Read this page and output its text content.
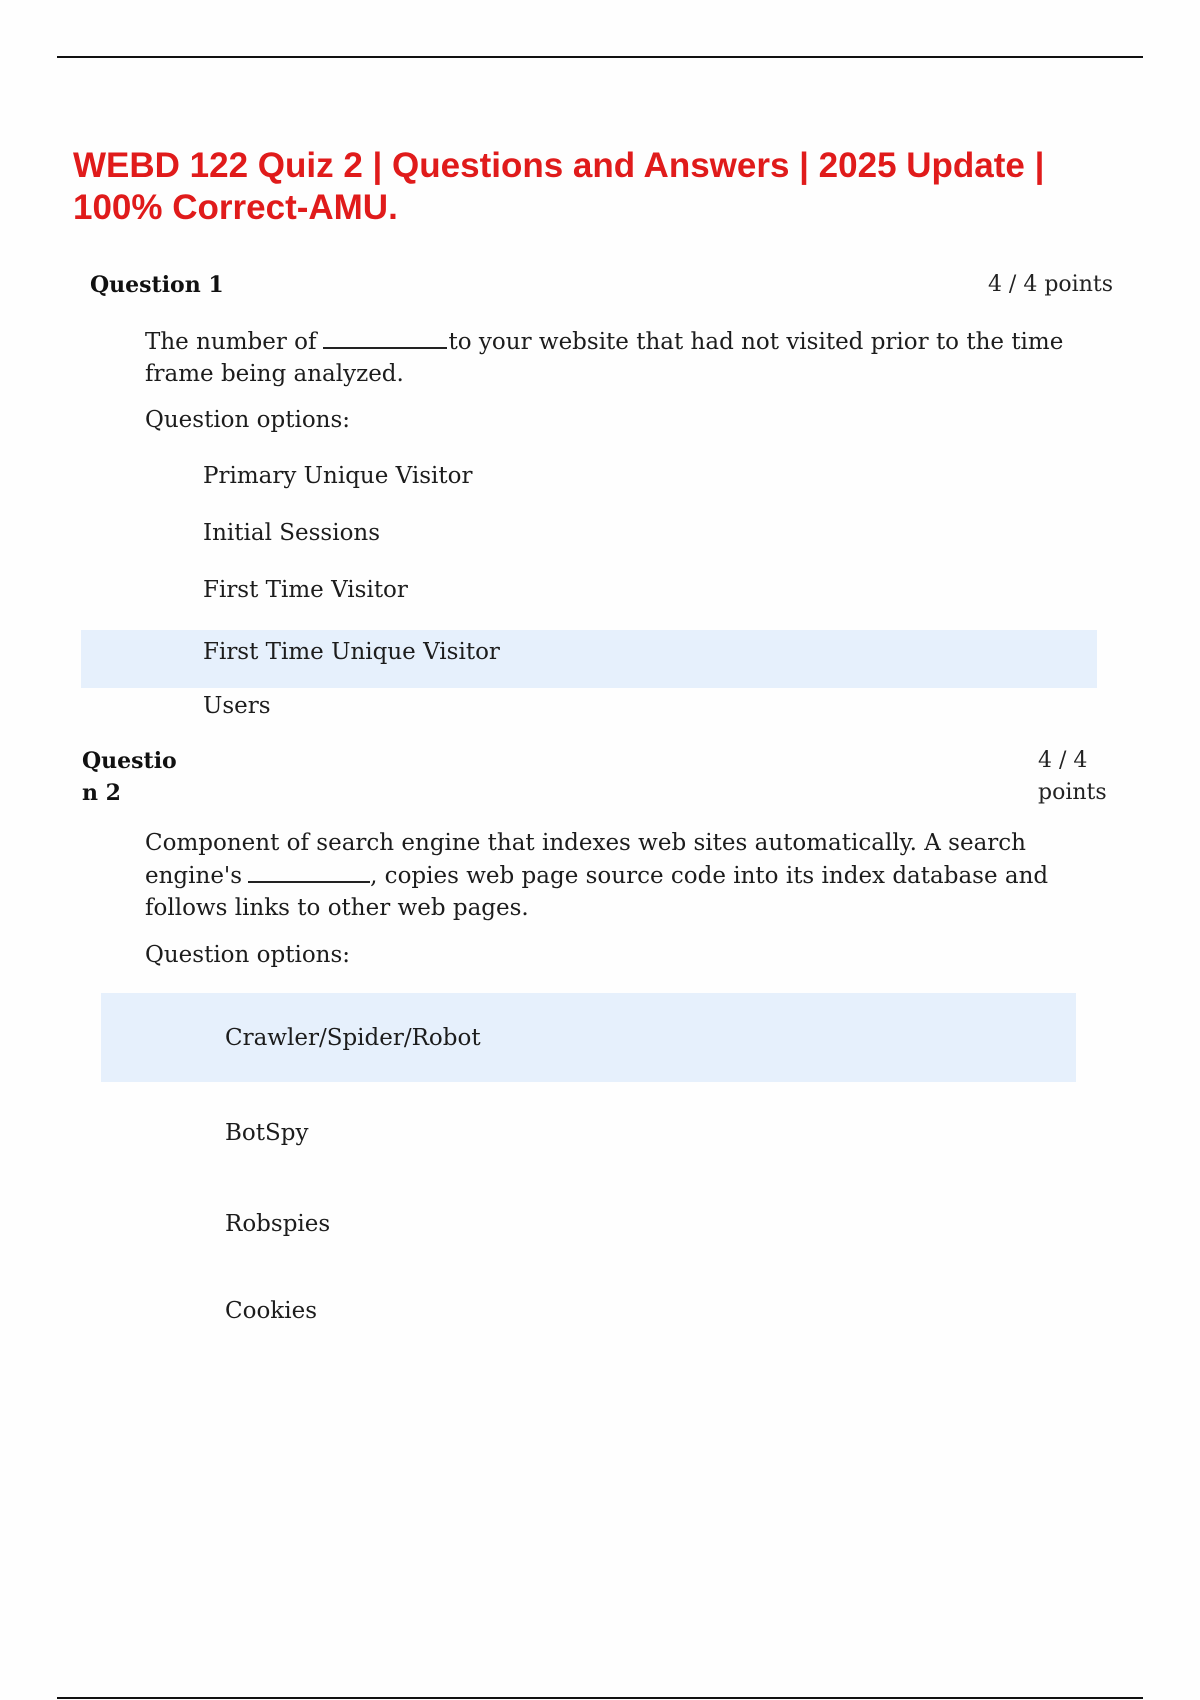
WEBD 122 Quiz 2 | Questions and Answers | 2025 Update | 100% Correct-AMU.

Question 1	4 / 4 points

The number of	to your website that had not visited prior to the time frame being analyzed.

Question options:

Primary Unique Visitor
Initial Sessions
First Time Visitor
First Time Unique Visitor
Users
Questio
n 2
4 / 4
points

Component of search engine that indexes web sites automatically. A search engine's	, copies web page source code into its index database and follows links to other web pages.

Question options:

Crawler/Spider/Robot
BotSpy
Robspies
Cookies
